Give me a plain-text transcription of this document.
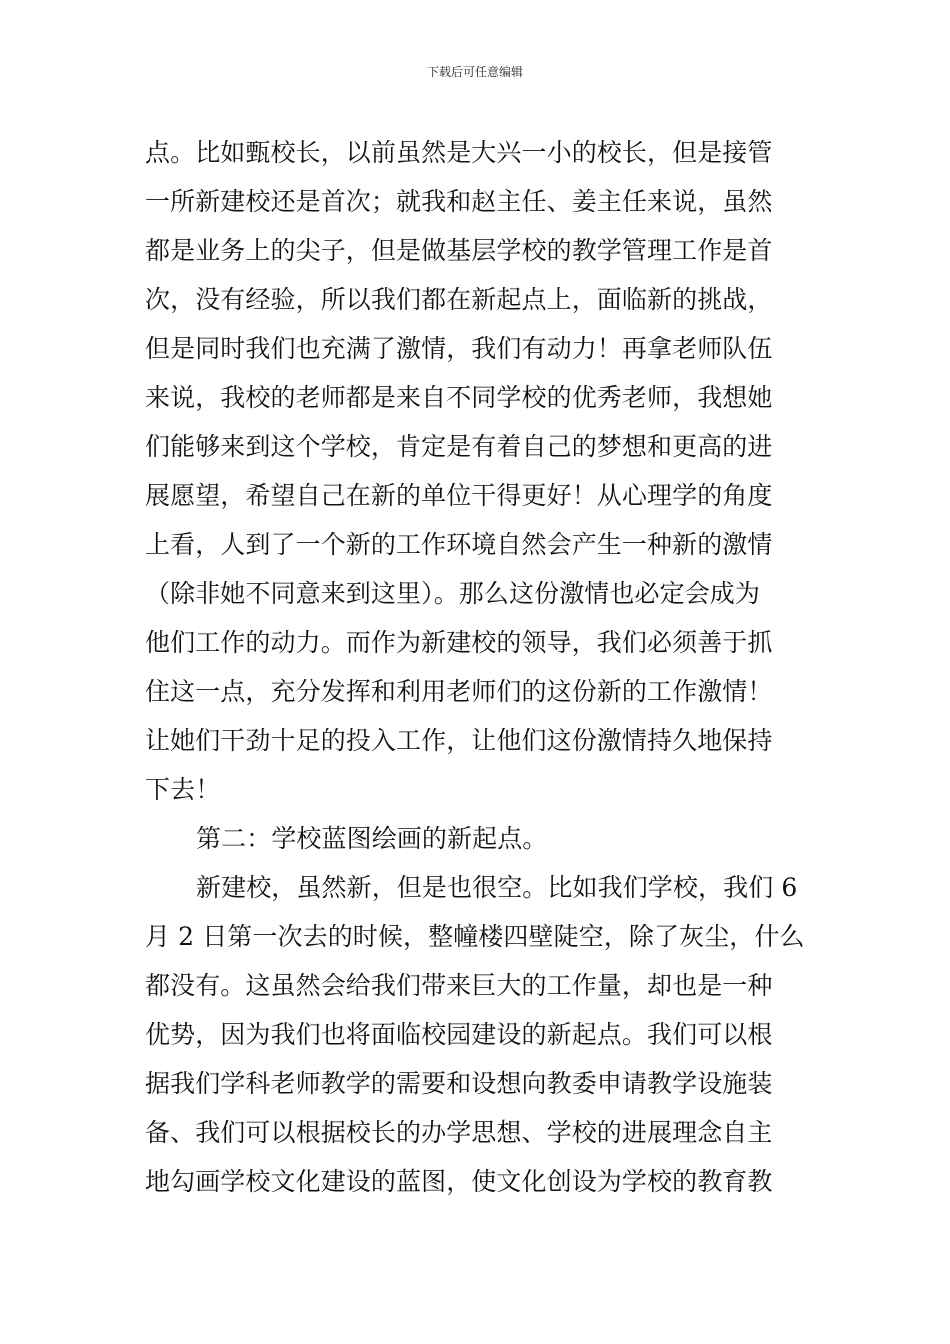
下载后可任意编辑
点。比如甄校长，以前虽然是大兴一小的校长，但是接管
一所新建校还是首次；就我和赵主任、姜主任来说，虽然
都是业务上的尖子，但是做基层学校的教学管理工作是首
次，没有经验，所以我们都在新起点上，面临新的挑战，
但是同时我们也充满了激情，我们有动力！再拿老师队伍
来说，我校的老师都是来自不同学校的优秀老师，我想她
们能够来到这个学校，肯定是有着自己的梦想和更高的进
展愿望，希望自己在新的单位干得更好！从心理学的角度
上看，人到了一个新的工作环境自然会产生一种新的激情
（除非她不同意来到这里）。那么这份激情也必定会成为
他们工作的动力。而作为新建校的领导，我们必须善于抓
住这一点，充分发挥和利用老师们的这份新的工作激情！
让她们干劲十足的投入工作，让他们这份激情持久地保持
下去！
第二：学校蓝图绘画的新起点。
新建校，虽然新，但是也很空。比如我们学校，我们 6
月 2 日第一次去的时候，整幢楼四壁陡空，除了灰尘，什么
都没有。这虽然会给我们带来巨大的工作量，却也是一种
优势，因为我们也将面临校园建设的新起点。我们可以根
据我们学科老师教学的需要和设想向教委申请教学设施装
备、我们可以根据校长的办学思想、学校的进展理念自主
地勾画学校文化建设的蓝图，使文化创设为学校的教育教
